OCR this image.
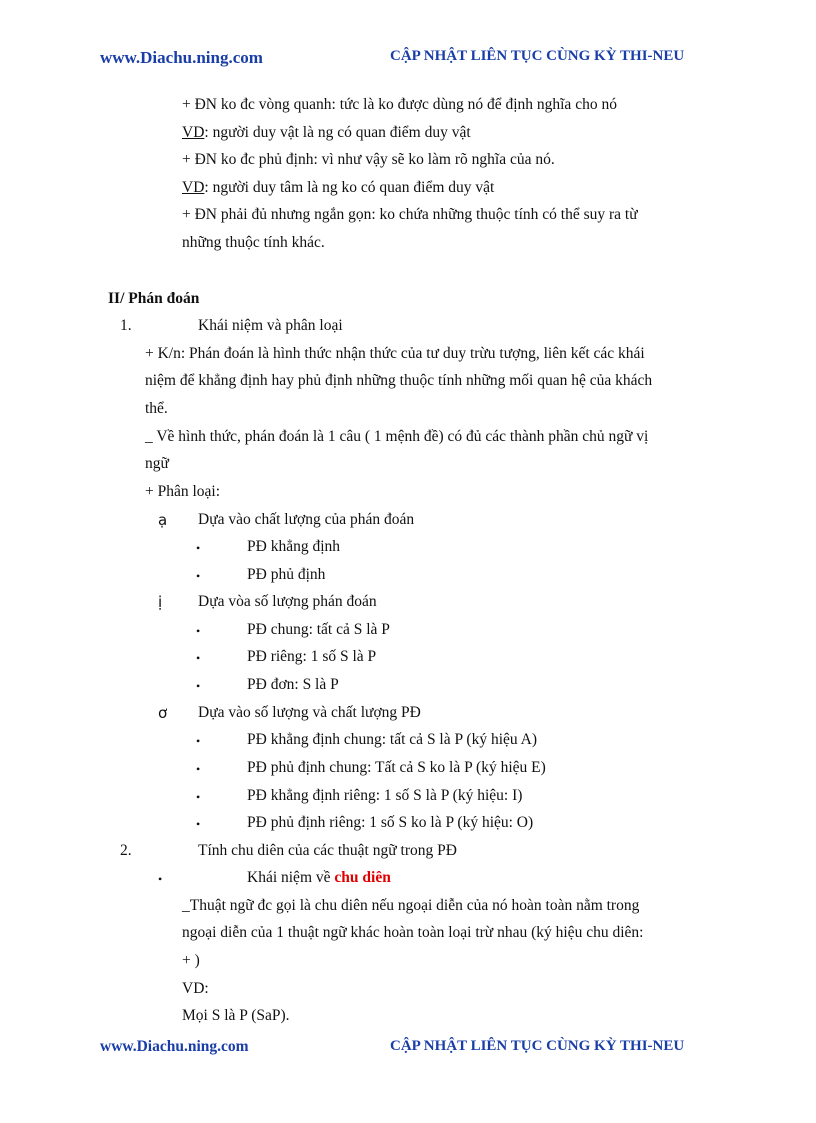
www.Diachu.ning.com	CẬP NHẬT LIÊN TỤC CÙNG KỲ THI-NEU
+ ĐN ko đc vòng quanh: tức là ko được dùng nó để định nghĩa cho nó
VD: người duy vật là ng có quan điểm duy vật
+ ĐN ko đc phủ định: vì như vậy sẽ ko làm rõ nghĩa của nó.
VD: người duy tâm là ng ko có quan điểm duy vật
+ ĐN phải đủ nhưng ngắn gọn: ko chứa những thuộc tính có thể suy ra từ
những thuộc tính khác.
II/ Phán đoán
1.	Khái niệm và phân loại
+ K/n: Phán đoán là hình thức nhận thức của tư duy trừu tượng, liên kết các khái
niệm để khẳng định hay phủ định những thuộc tính những mối quan hệ của khách
thể.
_ Về hình thức, phán đoán là 1 câu ( 1 mệnh đề) có đủ các thành phần chủ ngữ vị
ngữ
+ Phân loại:
ạ Dựa vào chất lượng của phán đoán
•	PĐ khẳng định
•	PĐ phủ định
ị Dựa vòa số lượng phán đoán
•	PĐ chung: tất cả S là P
•	PĐ riêng: 1 số S là P
•	PĐ đơn: S là P
ơ Dựa vào số lượng và chất lượng PĐ
•	PĐ khẳng định chung: tất cả S là P (ký hiệu A)
•	PĐ phủ định chung: Tất cả S ko là P (ký hiệu E)
•	PĐ khẳng định riêng: 1 số S là P (ký hiệu: I)
•	PĐ phủ định riêng: 1 số S ko là P (ký hiệu: O)
2.	Tính chu diên của các thuật ngữ trong PĐ
•	Khái niệm về chu diên
_Thuật ngữ đc gọi là chu diên nếu ngoại diễn của nó hoàn toàn nằm trong
ngoại diễn của 1 thuật ngữ khác hoàn toàn loại trừ nhau (ký hiệu chu diên:
+ )
VD:
Mọi S là P (SaP).
www.Diachu.ning.com	CẬP NHẬT LIÊN TỤC CÙNG KỲ THI-NEU
